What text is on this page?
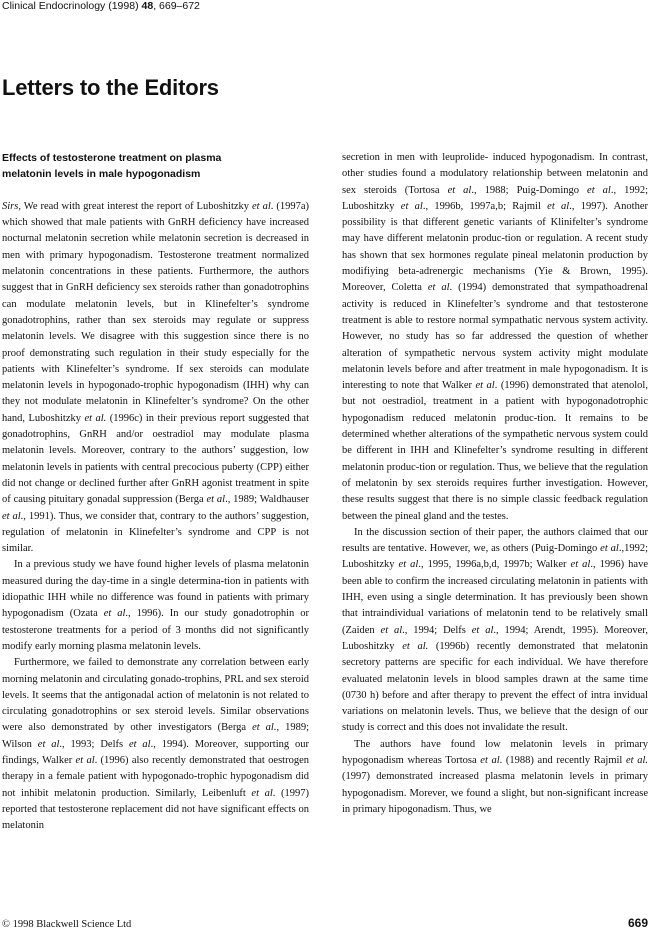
Clinical Endocrinology (1998) 48, 669–672
Letters to the Editors
Effects of testosterone treatment on plasma
melatonin levels in male hypogonadism

Sirs, We read with great interest the report of Luboshitzky et al. (1997a) which showed that male patients with GnRH deficiency have increased nocturnal melatonin secretion while melatonin secretion is decreased in men with primary hypogonadism. Testosterone treatment normalized melatonin concentrations in these patients. Furthermore, the authors suggest that in GnRH deficiency sex steroids rather than gonadotrophins can modulate melatonin levels, but in Klinefelter’s syndrome gonadotrophins, rather than sex steroids may regulate or suppress melatonin levels. We disagree with this suggestion since there is no proof demonstrating such regulation in their study especially for the patients with Klinefelter’s syndrome. If sex steroids can modulate melatonin levels in hypogonado-trophic hypogonadism (IHH) why can they not modulate melatonin in Klinefelter’s syndrome? On the other hand, Luboshitzky et al. (1996c) in their previous report suggested that gonadotrophins, GnRH and/or oestradiol may modulate plasma melatonin levels. Moreover, contrary to the authors’ suggestion, low melatonin levels in patients with central precocious puberty (CPP) either did not change or declined further after GnRH agonist treatment in spite of causing pituitary gonadal suppression (Berga et al., 1989; Waldhauser et al., 1991). Thus, we consider that, contrary to the authors’ suggestion, regulation of melatonin in Klinefelter’s syndrome and CPP is not similar.

In a previous study we have found higher levels of plasma melatonin measured during the day-time in a single determina-tion in patients with idiopathic IHH while no difference was found in patients with primary hypogonadism (Ozata et al., 1996). In our study gonadotrophin or testosterone treatments for a period of 3 months did not significantly modify early morning plasma melatonin levels.

Furthermore, we failed to demonstrate any correlation between early morning melatonin and circulating gonado-trophins, PRL and sex steroid levels. It seems that the antigonadal action of melatonin is not related to circulating gonadotrophins or sex steroid levels. Similar observations were also demonstrated by other investigators (Berga et al., 1989; Wilson et al., 1993; Delfs et al., 1994). Moreover, supporting our findings, Walker et al. (1996) also recently demonstrated that oestrogen therapy in a female patient with hypogonado-trophic hypogonadism did not inhibit melatonin production. Similarly, Leibenluft et al. (1997) reported that testosterone replacement did not have significant effects on melatonin

secretion in men with leuprolide- induced hypogonadism. In contrast, other studies found a modulatory relationship between melatonin and sex steroids (Tortosa et al., 1988; Puig-Domingo et al., 1992; Luboshitzky et al., 1996b, 1997a,b; Rajmil et al., 1997). Another possibility is that different genetic variants of Klinifelter’s syndrome may have different melatonin produc-tion or regulation. A recent study has shown that sex hormones regulate pineal melatonin production by modifiying beta-adrenergic mechanisms (Yie & Brown, 1995). Moreover, Coletta et al. (1994) demonstrated that sympathoadrenal activity is reduced in Klinefelter’s syndrome and that testosterone treatment is able to restore normal sympathatic nervous system activity. However, no study has so far addressed the question of whether alteration of sympathetic nervous system activity might modulate melatonin levels before and after treatment in male hypogonadism. It is interesting to note that Walker et al. (1996) demonstrated that atenolol, but not oestradiol, treatment in a patient with hypogonadotrophic hypogonadism reduced melatonin produc-tion. It remains to be determined whether alterations of the sympathetic nervous system could be different in IHH and Klinefelter’s syndrome resulting in different melatonin produc-tion or regulation. Thus, we believe that the regulation of melatonin by sex steroids requires further investigation. However, these results suggest that there is no simple classic feedback regulation between the pineal gland and the testes.

In the discussion section of their paper, the authors claimed that our results are tentative. However, we, as others (Puig-Domingo et al.,1992; Luboshitzky et al., 1995, 1996a,b,d, 1997b; Walker et al., 1996) have been able to confirm the increased circulating melatonin in patients with IHH, even using a single determination. It has previously been shown that intraindividual variations of melatonin tend to be relatively small (Zaiden et al., 1994; Delfs et al., 1994; Arendt, 1995). Moreover, Luboshitzky et al. (1996b) recently demonstrated that melatonin secretory patterns are specific for each individual. We have therefore evaluated melatonin levels in blood samples drawn at the same time (0730 h) before and after therapy to prevent the effect of intra invidual variations on melatonin levels. Thus, we believe that the design of our study is correct and this does not invalidate the result.

The authors have found low melatonin levels in primary hypogonadism whereas Tortosa et al. (1988) and recently Rajmil et al. (1997) demonstrated increased plasma melatonin levels in primary hypogonadism. Morever, we found a slight, but non-significant increase in primary hipogonadism. Thus, we

© 1998 Blackwell Science Ltd	669
